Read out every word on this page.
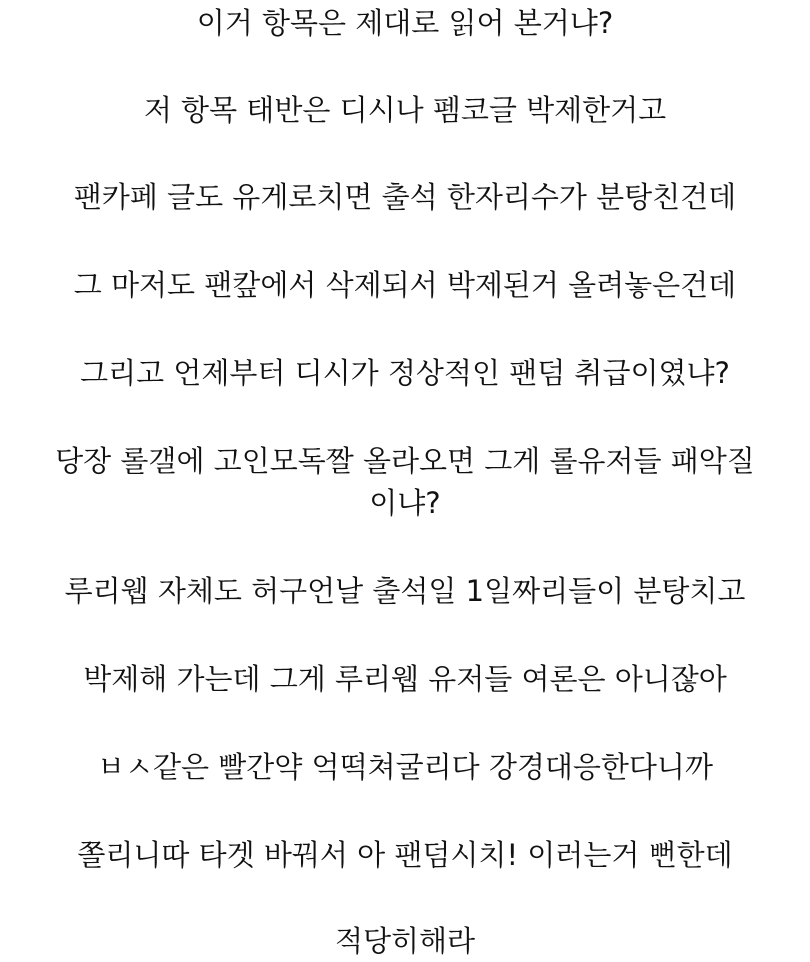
이거 항목은 제대로 읽어 본거냐?
저 항목 태반은 디시나 펨코글 박제한거고
팬카페 글도 유게로치면 출석 한자리수가 분탕친건데
그 마저도 팬캎에서 삭제되서 박제된거 올려놓은건데
그리고 언제부터 디시가 정상적인 팬덤 취급이였냐?
당장 롤갤에 고인모독짤 올라오면 그게 롤유저들 패악질이냐?
루리웹 자체도 허구언날 출석일 1일짜리들이 분탕치고
박제해 가는데 그게 루리웹 유저들 여론은 아니잖아
ㅂㅅ같은 빨간약 억떡쳐굴리다 강경대응한다니까
쫄리니따 타겟 바꿔서 아 팬덤시치! 이러는거 뻔한데
적당히해라
